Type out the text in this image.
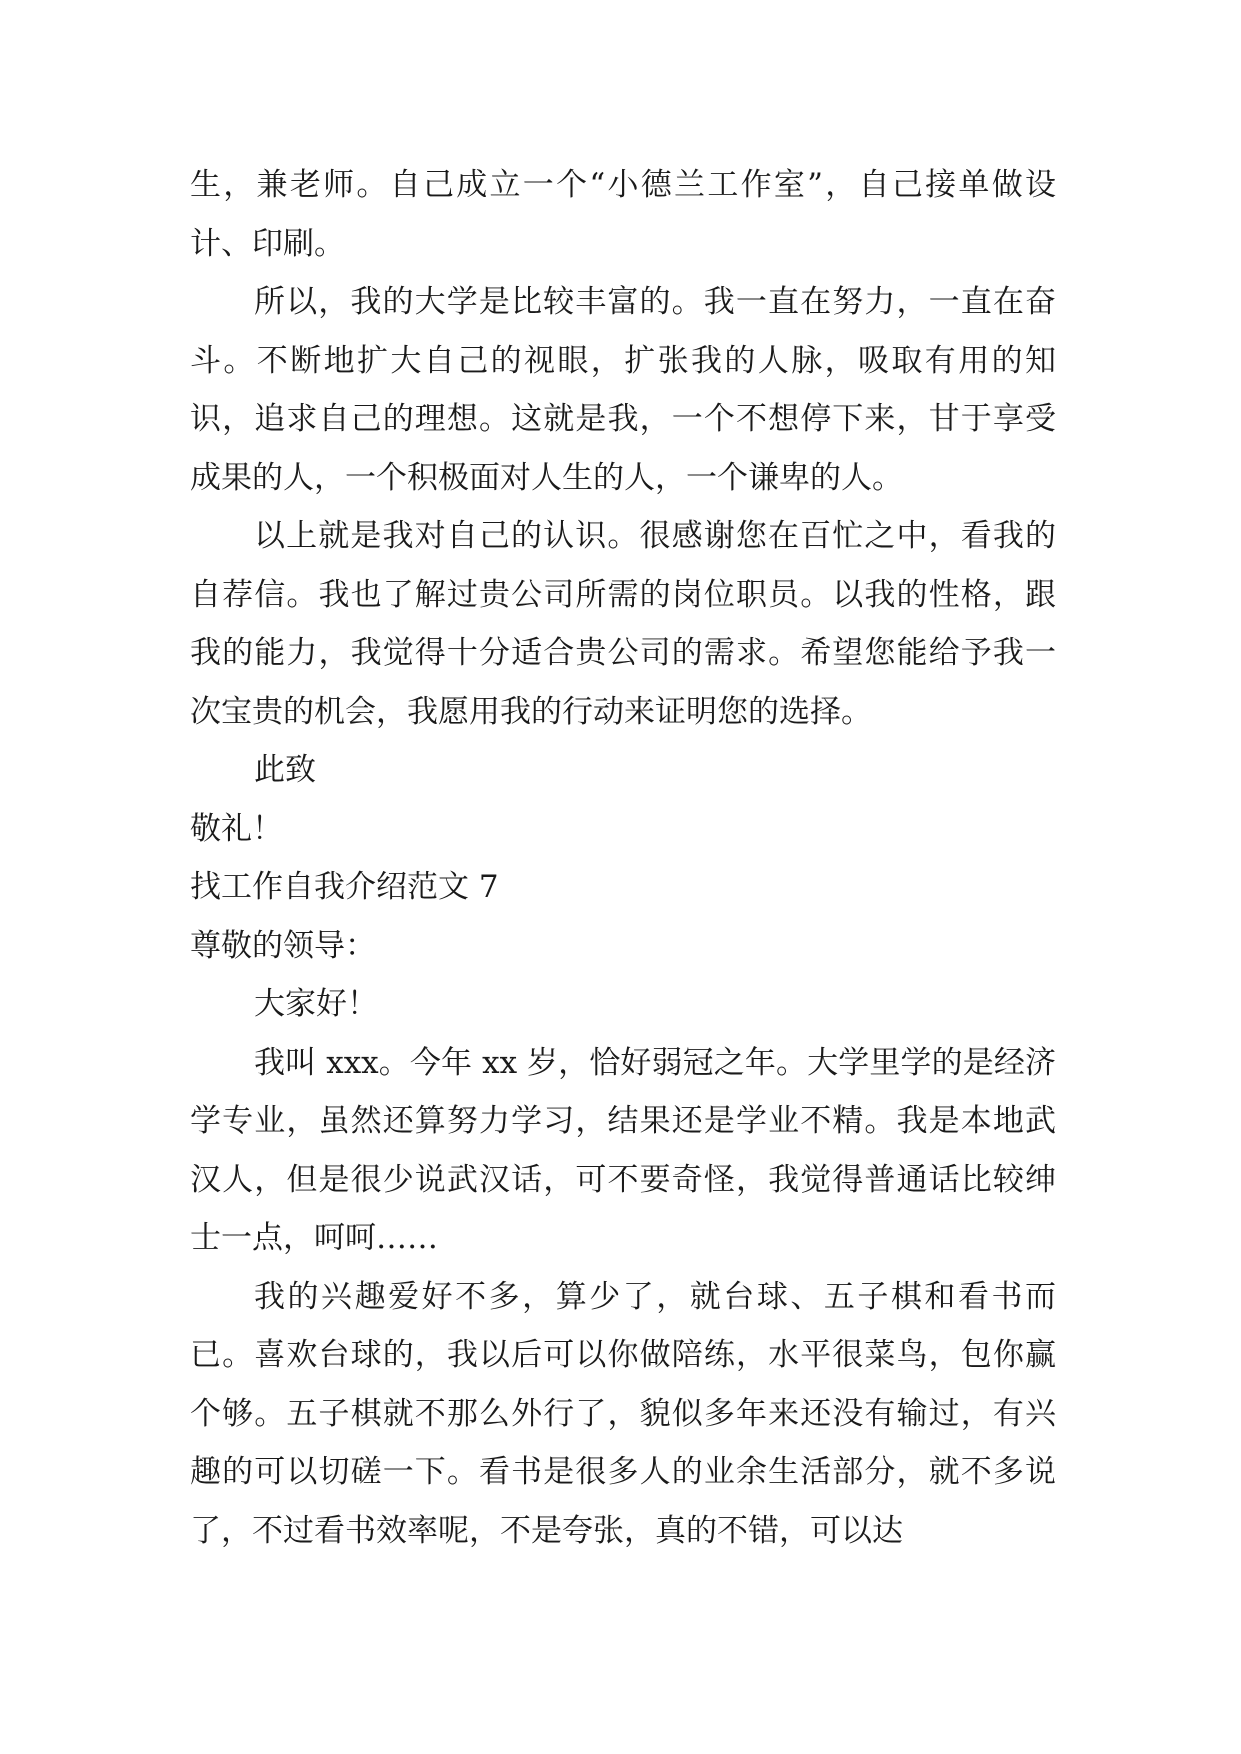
生，兼老师。自己成立一个“小德兰工作室”，自己接单做设计、印刷。

所以，我的大学是比较丰富的。我一直在努力，一直在奋斗。不断地扩大自己的视眼，扩张我的人脉，吸取有用的知识，追求自己的理想。这就是我，一个不想停下来，甘于享受成果的人，一个积极面对人生的人，一个谦卑的人。

以上就是我对自己的认识。很感谢您在百忙之中，看我的自荐信。我也了解过贵公司所需的岗位职员。以我的性格，跟我的能力，我觉得十分适合贵公司的需求。希望您能给予我一次宝贵的机会，我愿用我的行动来证明您的选择。

此致

敬礼！

找工作自我介绍范文 7

尊敬的领导：

大家好！

我叫 xxx。今年 xx 岁，恰好弱冠之年。大学里学的是经济学专业，虽然还算努力学习，结果还是学业不精。我是本地武汉人，但是很少说武汉话，可不要奇怪，我觉得普通话比较绅士一点，呵呵……

我的兴趣爱好不多，算少了，就台球、五子棋和看书而已。喜欢台球的，我以后可以你做陪练，水平很菜鸟，包你赢个够。五子棋就不那么外行了，貌似多年来还没有输过，有兴趣的可以切磋一下。看书是很多人的业余生活部分，就不多说了，不过看书效率呢，不是夸张，真的不错，可以达
